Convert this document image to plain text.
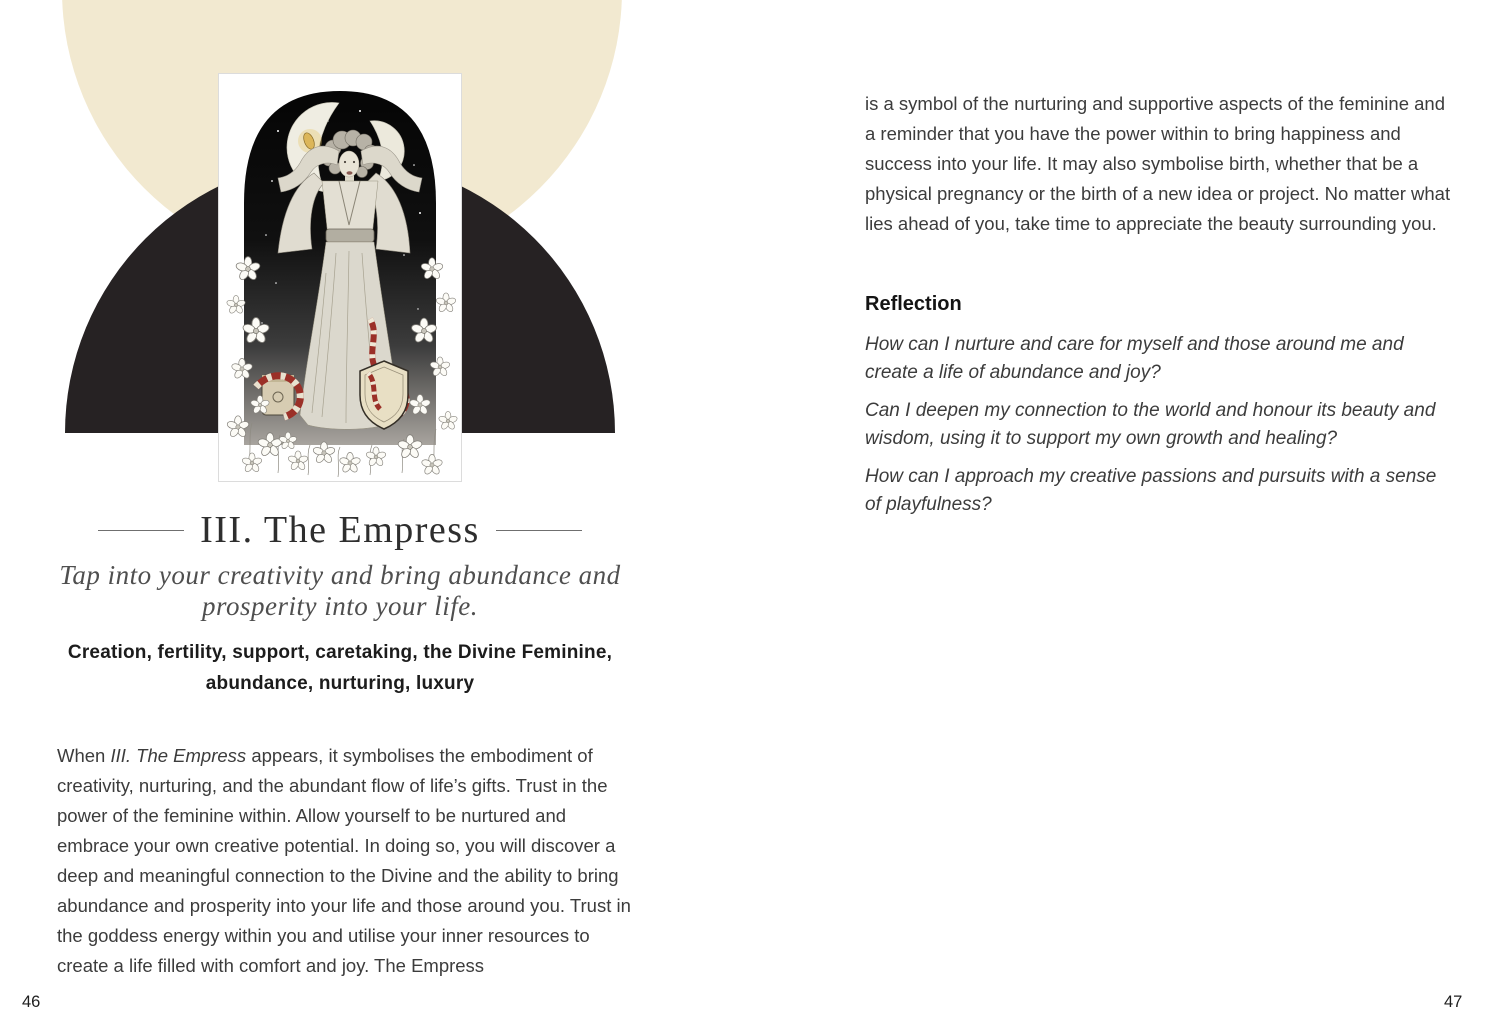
III. The Empress
Tap into your creativity and bring abundance and
prosperity into your life.
Creation, fertility, support, caretaking, the Divine Feminine,
abundance, nurturing, luxury

When III. The Empress appears, it symbolises the embodiment of creativity, nurturing, and the abundant flow of life’s gifts. Trust in the power of the feminine within. Allow yourself to be nurtured and embrace your own creative potential. In doing so, you will discover a deep and meaningful connection to the Divine and the ability to bring abundance and prosperity into your life and those around you. Trust in the goddess energy within you and utilise your inner resources to create a life filled with comfort and joy. The Empress

is a symbol of the nurturing and supportive aspects of the feminine and a reminder that you have the power within to bring happiness and success into your life. It may also symbolise birth, whether that be a physical pregnancy or the birth of a new idea or project. No matter what lies ahead of you, take time to appreciate the beauty surrounding you.

Reflection

How can I nurture and care for myself and those around me and create a life of abundance and joy?

Can I deepen my connection to the world and honour its beauty and wisdom, using it to support my own growth and healing?

How can I approach my creative passions and pursuits with a sense of playfulness?

46	47
